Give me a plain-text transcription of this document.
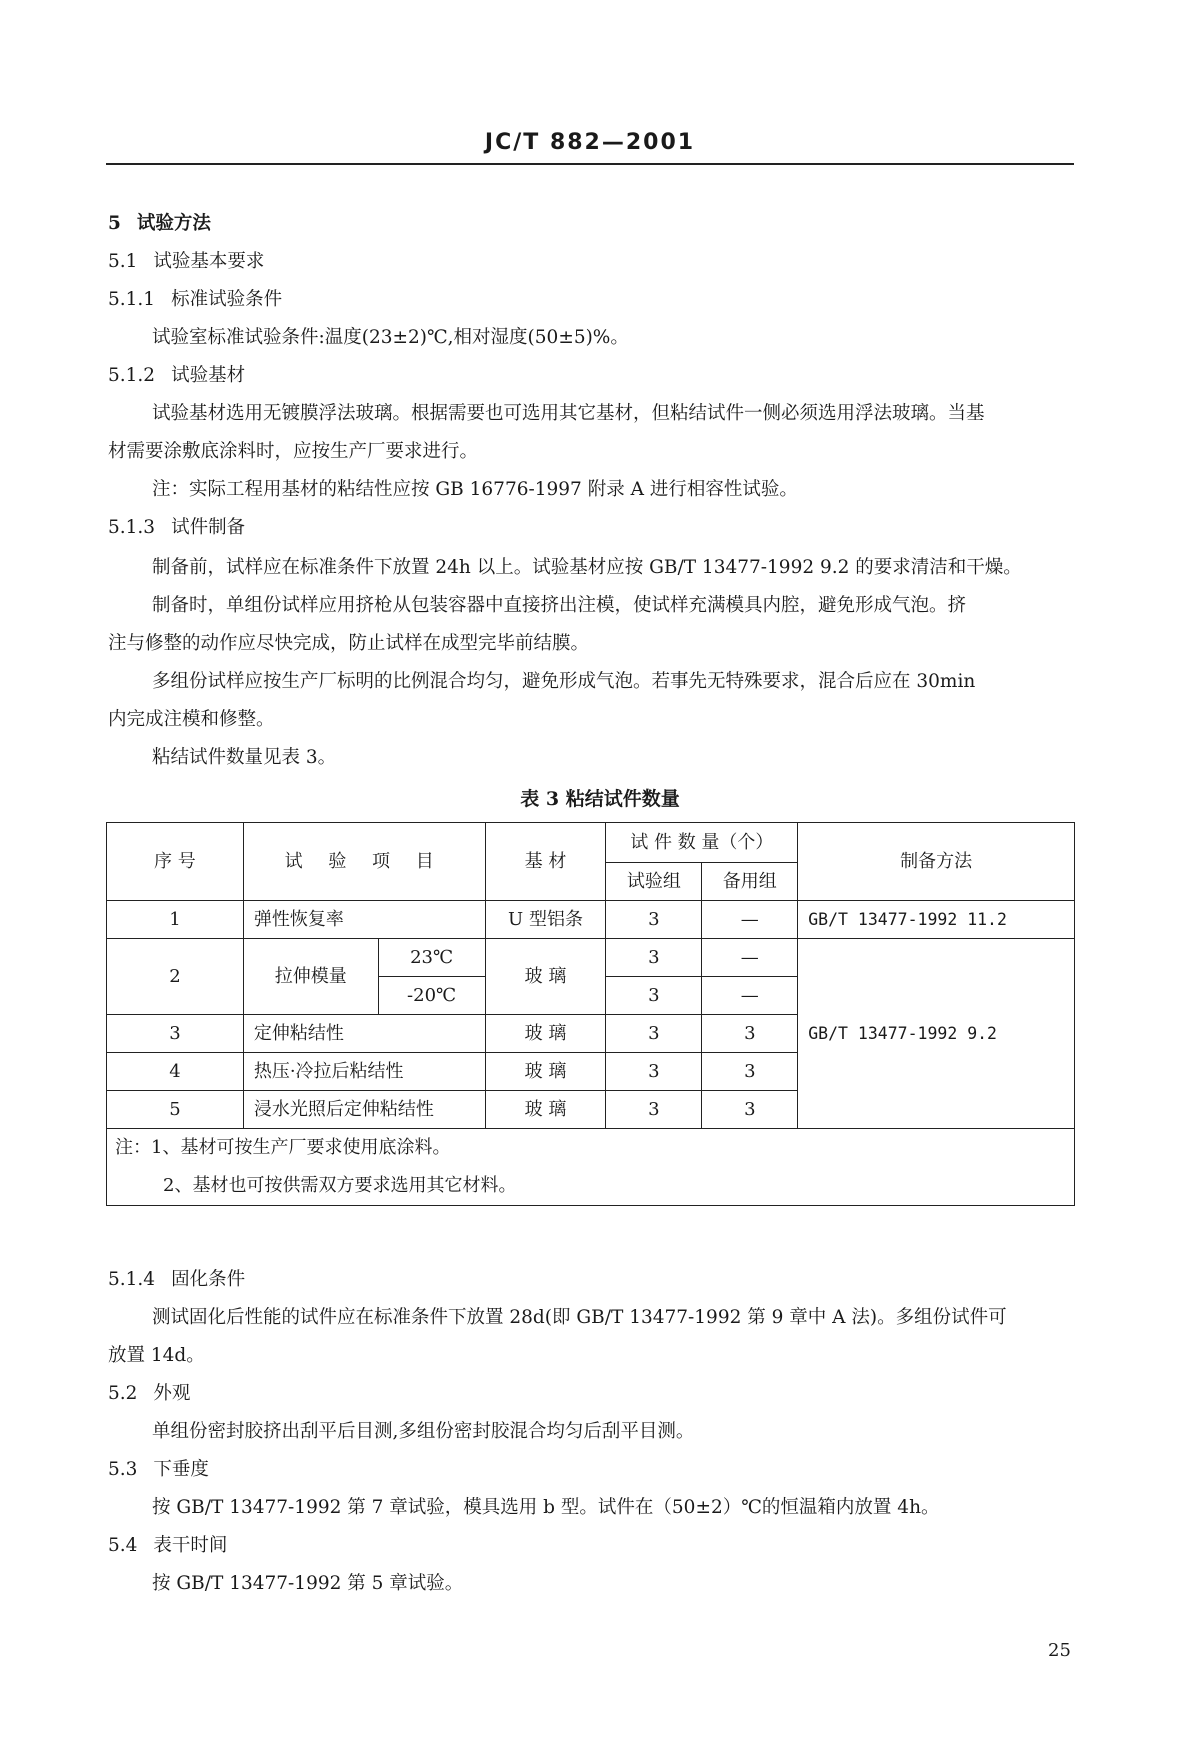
JC/T 882—2001
5 试验方法
5.1 试验基本要求
5.1.1 标准试验条件
试验室标准试验条件:温度(23±2)℃,相对湿度(50±5)%。
5.1.2 试验基材
试验基材选用无镀膜浮法玻璃。根据需要也可选用其它基材，但粘结试件一侧必须选用浮法玻璃。当基
材需要涂敷底涂料时，应按生产厂要求进行。
注：实际工程用基材的粘结性应按 GB 16776-1997 附录 A 进行相容性试验。
5.1.3 试件制备
制备前，试样应在标准条件下放置 24h 以上。试验基材应按 GB/T 13477-1992 9.2 的要求清洁和干燥。
制备时，单组份试样应用挤枪从包装容器中直接挤出注模，使试样充满模具内腔，避免形成气泡。挤
注与修整的动作应尽快完成，防止试样在成型完毕前结膜。
多组份试样应按生产厂标明的比例混合均匀，避免形成气泡。若事先无特殊要求，混合后应在 30min
内完成注模和修整。
粘结试件数量见表 3。
表 3 粘结试件数量
序 号	试 验 项 目		基 材	试 件 数 量（个）		制备方法
				试验组	备用组	
1	弹性恢复率		U 型铝条	3	—	GB/T 13477-1992 11.2
2	拉伸模量	23℃	玻 璃	3	—	GB/T 13477-1992 9.2
		-20℃		3	—	
3	定伸粘结性		玻 璃	3	3	
4	热压·冷拉后粘结性		玻 璃	3	3	
5	浸水光照后定伸粘结性		玻 璃	3	3	

注：1、基材可按生产厂要求使用底涂料。
2、基材也可按供需双方要求选用其它材料。						
5.1.4 固化条件
测试固化后性能的试件应在标准条件下放置 28d(即 GB/T 13477-1992 第 9 章中 A 法)。多组份试件可
放置 14d。
5.2 外观
单组份密封胶挤出刮平后目测,多组份密封胶混合均匀后刮平目测。
5.3 下垂度
按 GB/T 13477-1992 第 7 章试验，模具选用 b 型。试件在（50±2）℃的恒温箱内放置 4h。
5.4 表干时间
按 GB/T 13477-1992 第 5 章试验。
25
